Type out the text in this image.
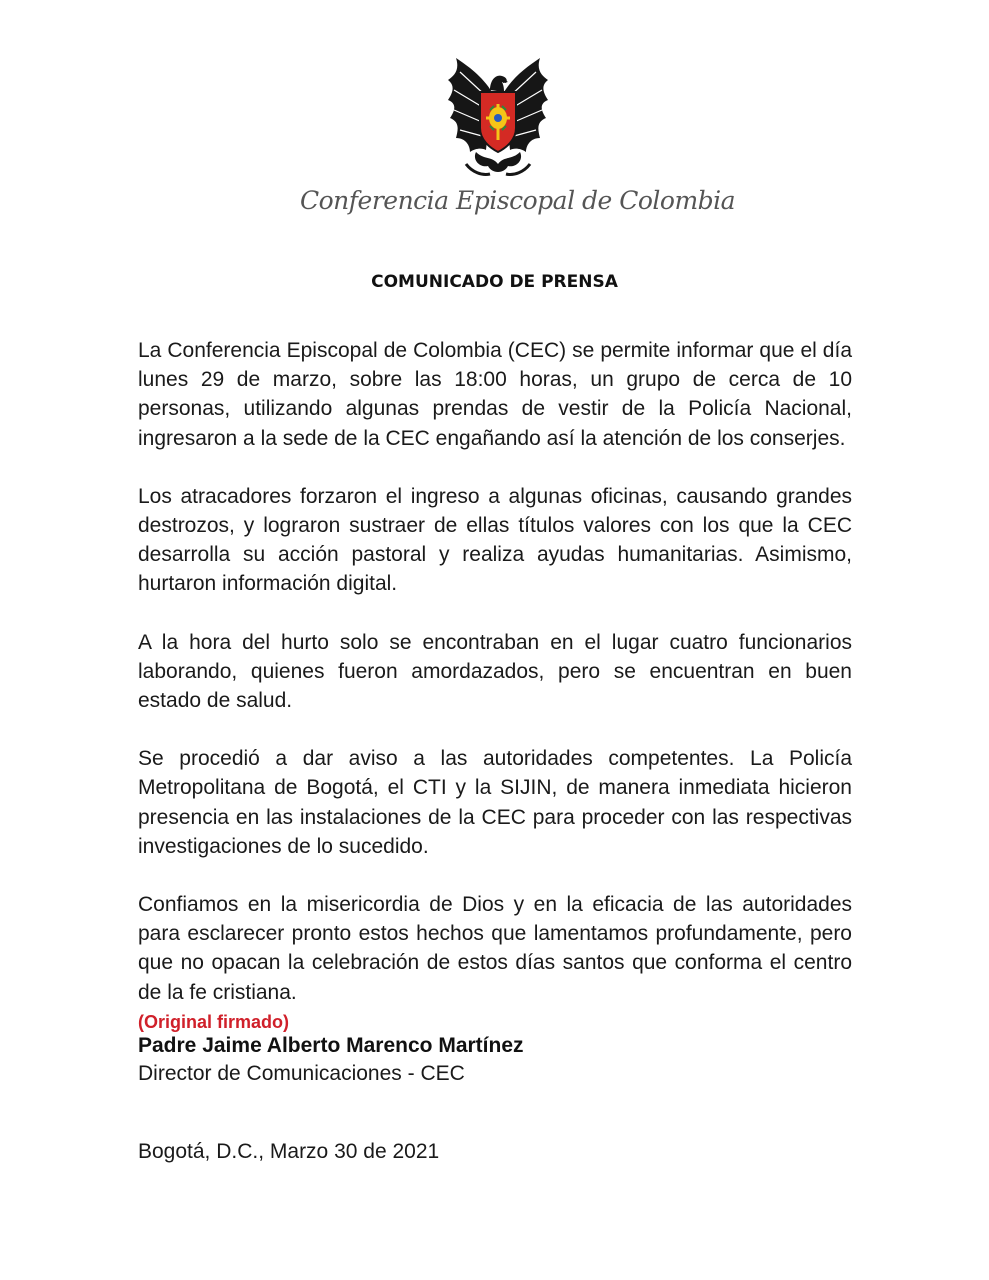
Conferencia Episcopal de Colombia
COMUNICADO DE PRENSA

La Conferencia Episcopal de Colombia (CEC) se permite informar que el día lunes 29 de marzo, sobre las 18:00 horas, un grupo de cerca de 10 personas, utilizando algunas prendas de vestir de la Policía Nacional, ingresaron a la sede de la CEC engañando así la atención de los conserjes.

Los atracadores forzaron el ingreso a algunas oficinas, causando grandes destrozos, y lograron sustraer de ellas títulos valores con los que la CEC desarrolla su acción pastoral y realiza ayudas humanitarias. Asimismo, hurtaron información digital.

A la hora del hurto solo se encontraban en el lugar cuatro funcionarios laborando, quienes fueron amordazados, pero se encuentran en buen estado de salud.

Se procedió a dar aviso a las autoridades competentes. La Policía Metropolitana de Bogotá, el CTI y la SIJIN, de manera inmediata hicieron presencia en las instalaciones de la CEC para proceder con las respectivas investigaciones de lo sucedido.

Confiamos en la misericordia de Dios y en la eficacia de las autoridades para esclarecer pronto estos hechos que lamentamos profundamente, pero que no opacan la celebración de estos días santos que conforma el centro de la fe cristiana.

(Original firmado)
Padre Jaime Alberto Marenco Martínez
Director de Comunicaciones - CEC
Bogotá, D.C., Marzo 30 de 2021
